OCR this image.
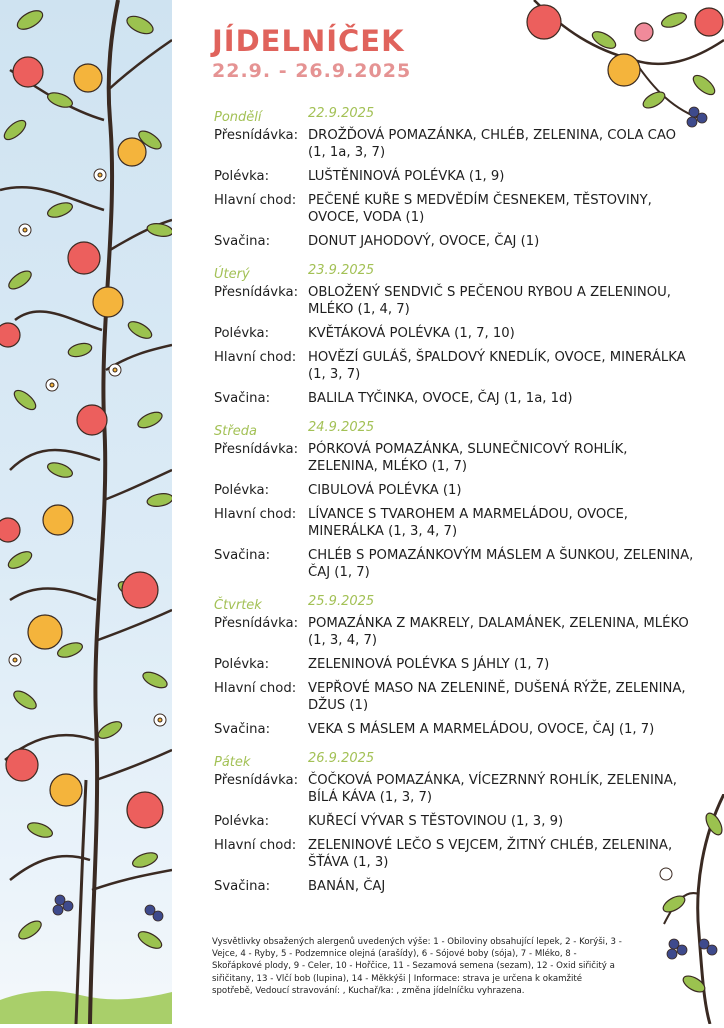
JÍDELNÍČEK
22.9. - 26.9.2025
Pondělí	22.9.2025
Přesnídávka: DROŽĎOVÁ POMAZÁNKA, CHLÉB, ZELENINA, COLA CAO (1, 1a, 3, 7)
Polévka:	LUŠTĚNINOVÁ POLÉVKA (1, 9)
Hlavní chod: PEČENÉ KUŘE S MEDVĚDÍM ČESNEKEM, TĚSTOVINY, OVOCE, VODA (1)
Svačina:	DONUT JAHODOVÝ, OVOCE, ČAJ (1)
Úterý	23.9.2025
Přesnídávka: OBLOŽENÝ SENDVIČ S PEČENOU RYBOU A ZELENINOU, MLÉKO (1, 4, 7)
Polévka:	KVĚTÁKOVÁ POLÉVKA (1, 7, 10)
Hlavní chod: HOVĚZÍ GULÁŠ, ŠPALDOVÝ KNEDLÍK, OVOCE, MINERÁLKA (1, 3, 7)
Svačina:	BALILA TYČINKA, OVOCE, ČAJ (1, 1a, 1d)
Středa	24.9.2025
Přesnídávka: PÓRKOVÁ POMAZÁNKA, SLUNEČNICOVÝ ROHLÍK, ZELENINA, MLÉKO (1, 7)
Polévka:	CIBULOVÁ POLÉVKA (1)
Hlavní chod: LÍVANCE S TVAROHEM A MARMELÁDOU, OVOCE, MINERÁLKA (1, 3, 4, 7)
Svačina:	CHLÉB S POMAZÁNKOVÝM MÁSLEM A ŠUNKOU, ZELENINA, ČAJ (1, 7)
Čtvrtek	25.9.2025
Přesnídávka: POMAZÁNKA Z MAKRELY, DALAMÁNEK, ZELENINA, MLÉKO (1, 3, 4, 7)
Polévka:	ZELENINOVÁ POLÉVKA S JÁHLY (1, 7)
Hlavní chod: VEPŘOVÉ MASO NA ZELENINĚ, DUŠENÁ RÝŽE, ZELENINA, DŽUS (1)
Svačina:	VEKA S MÁSLEM A MARMELÁDOU, OVOCE, ČAJ (1, 7)
Pátek	26.9.2025
Přesnídávka: ČOČKOVÁ POMAZÁNKA, VÍCEZRNNÝ ROHLÍK, ZELENINA, BÍLÁ KÁVA (1, 3, 7)
Polévka:	KUŘECÍ VÝVAR S TĚSTOVINOU (1, 3, 9)
Hlavní chod: ZELENINOVÉ LEČO S VEJCEM, ŽITNÝ CHLÉB, ZELENINA, ŠŤÁVA (1, 3)
Svačina:	BANÁN, ČAJ
Vysvětlivky obsažených alergenů uvedených výše: 1 - Obiloviny obsahující lepek, 2 - Korýši, 3 - Vejce, 4 - Ryby, 5 - Podzemnice olejná (arašídy), 6 - Sójové boby (sója), 7 - Mléko, 8 - Skořápkové plody, 9 - Celer, 10 - Hořčice, 11 - Sezamová semena (sezam), 12 - Oxid siřičitý a siřičitany, 13 - Vlčí bob (lupina), 14 - Měkkýši | Informace: strava je určena k okamžité spotřebě, Vedoucí stravování: , Kuchař/ka: , změna jídelníčku vyhrazena.
